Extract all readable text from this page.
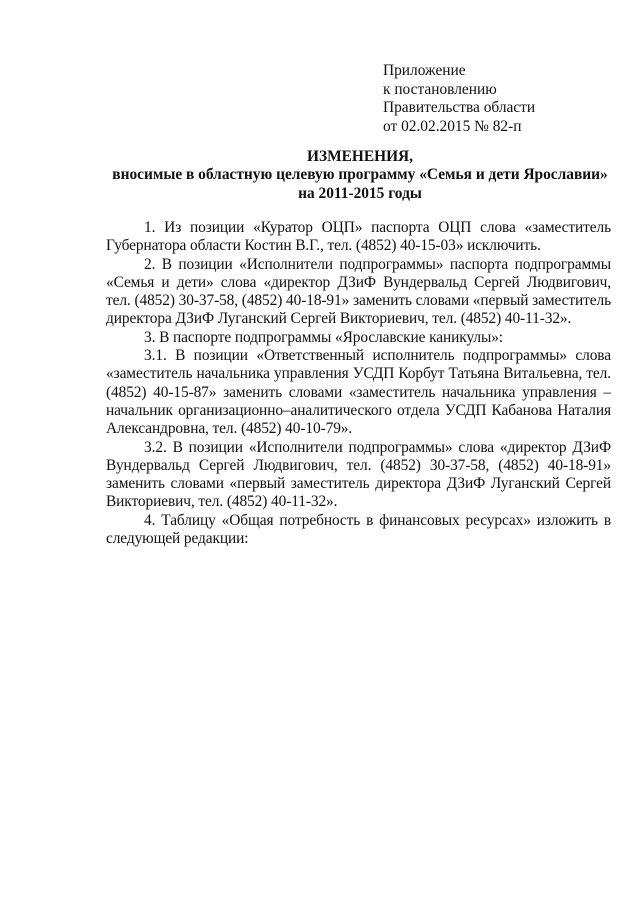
Приложение
к постановлению
Правительства области
от 02.02.2015 № 82-п
ИЗМЕНЕНИЯ,
вносимые в областную целевую программу «Семья и дети Ярославии»
на 2011-2015 годы

1. Из позиции «Куратор ОЦП» паспорта ОЦП слова «заместитель Губернатора области Костин В.Г., тел. (4852) 40-15-03» исключить.

2. В позиции «Исполнители подпрограммы» паспорта подпрограммы «Семья и дети» слова «директор ДЗиФ Вундервальд Сергей Людвигович, тел. (4852) 30-37-58, (4852) 40-18-91» заменить словами «первый заместитель директора ДЗиФ Луганский Сергей Викториевич, тел. (4852) 40-11-32».

3. В паспорте подпрограммы «Ярославские каникулы»:

3.1. В позиции «Ответственный исполнитель подпрограммы» слова «заместитель начальника управления УСДП Корбут Татьяна Витальевна, тел. (4852) 40-15-87» заменить словами «заместитель начальника управления – начальник организационно–аналитического отдела УСДП Кабанова Наталия Александровна, тел. (4852) 40-10-79».

3.2. В позиции «Исполнители подпрограммы» слова «директор ДЗиФ Вундервальд Сергей Людвигович, тел. (4852) 30-37-58, (4852) 40-18-91» заменить словами «первый заместитель директора ДЗиФ Луганский Сергей Викториевич, тел. (4852) 40-11-32».

4. Таблицу «Общая потребность в финансовых ресурсах» изложить в следующей редакции:
